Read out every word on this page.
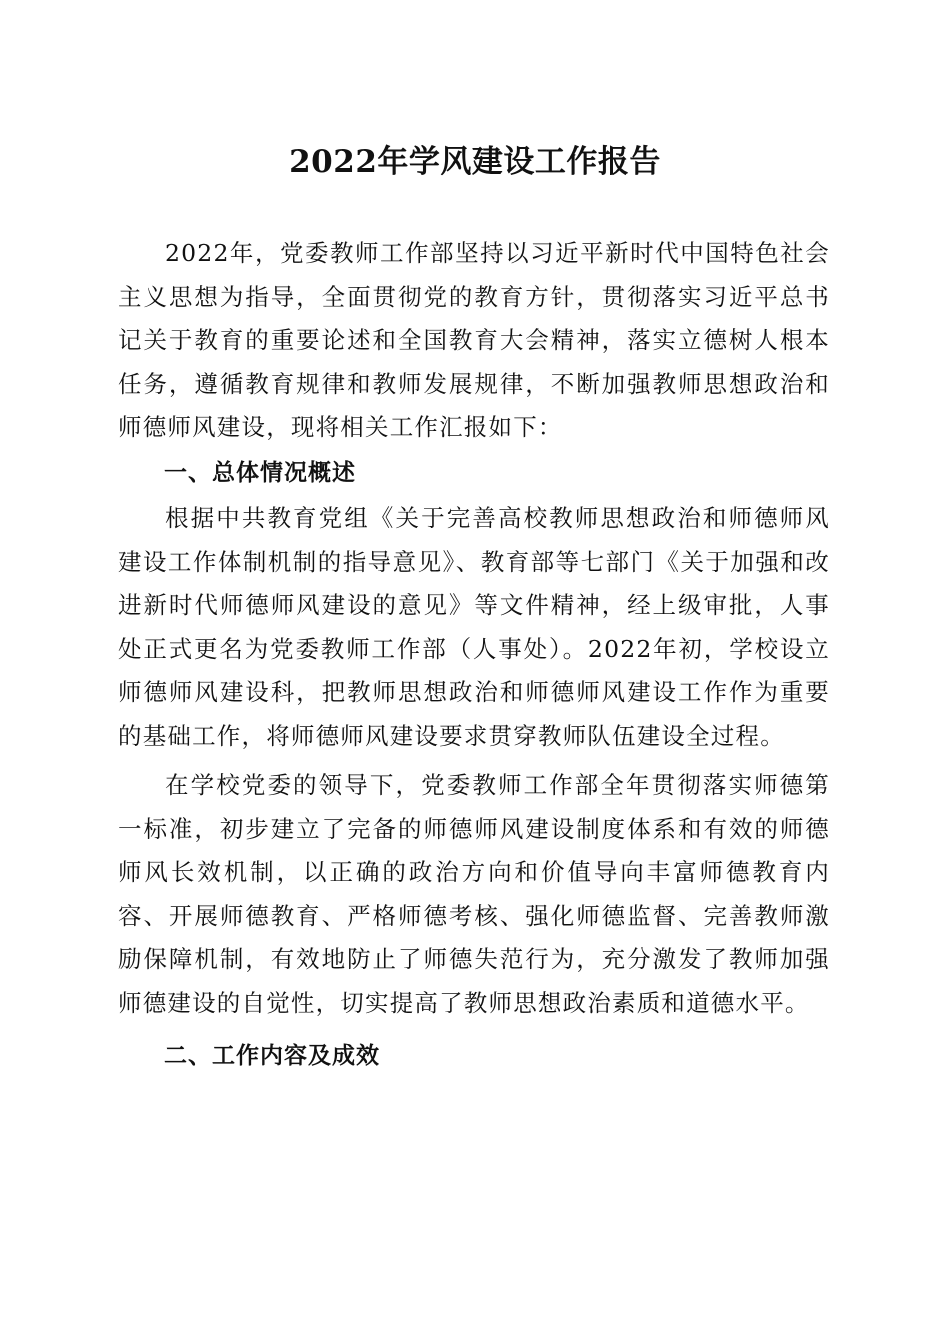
2022年学风建设工作报告

2022年，党委教师工作部坚持以习近平新时代中国特色社会主义思想为指导，全面贯彻党的教育方针，贯彻落实习近平总书记关于教育的重要论述和全国教育大会精神，落实立德树人根本任务，遵循教育规律和教师发展规律，不断加强教师思想政治和师德师风建设，现将相关工作汇报如下：

一、总体情况概述

根据中共教育党组《关于完善高校教师思想政治和师德师风建设工作体制机制的指导意见》、教育部等七部门《关于加强和改进新时代师德师风建设的意见》等文件精神，经上级审批，人事处正式更名为党委教师工作部（人事处）。2022年初，学校设立师德师风建设科，把教师思想政治和师德师风建设工作作为重要的基础工作，将师德师风建设要求贯穿教师队伍建设全过程。

在学校党委的领导下，党委教师工作部全年贯彻落实师德第一标准，初步建立了完备的师德师风建设制度体系和有效的师德师风长效机制，以正确的政治方向和价值导向丰富师德教育内容、开展师德教育、严格师德考核、强化师德监督、完善教师激励保障机制，有效地防止了师德失范行为，充分激发了教师加强师德建设的自觉性，切实提高了教师思想政治素质和道德水平。

二、工作内容及成效
